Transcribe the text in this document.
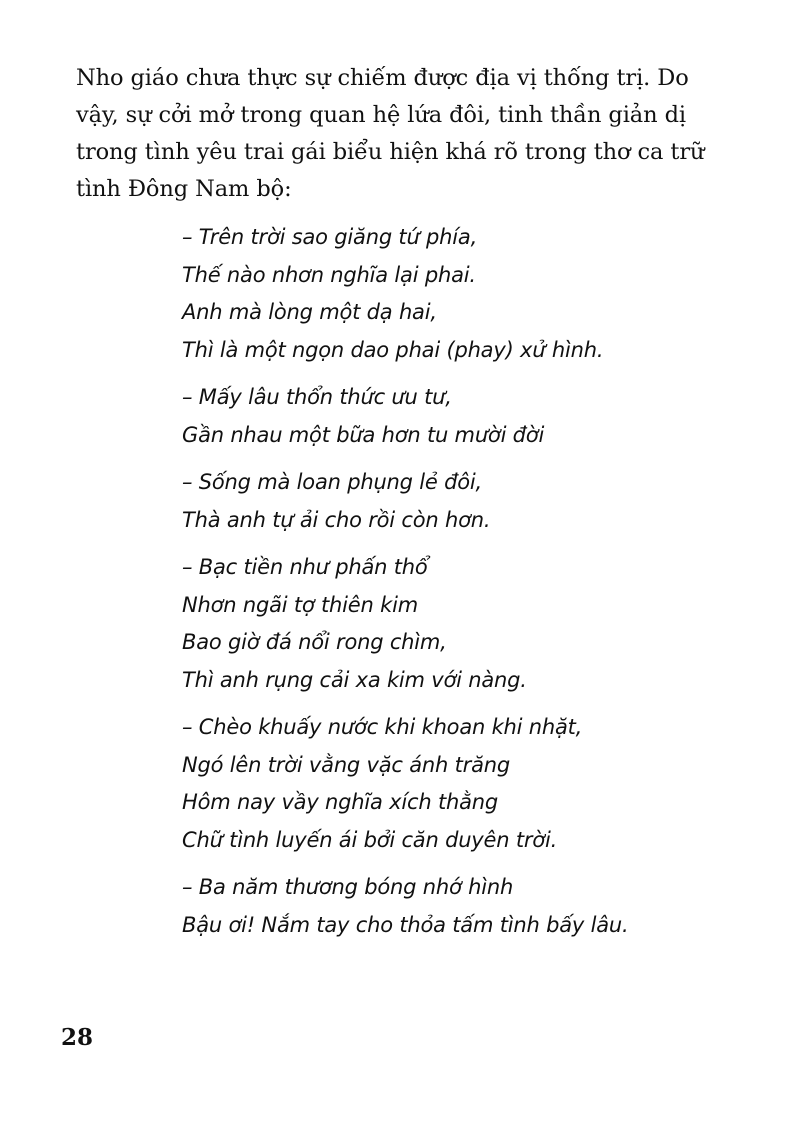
Nho giáo chưa thực sự chiếm được địa vị thống trị. Do
vậy, sự cởi mở trong quan hệ lứa đôi, tinh thần giản dị
trong tình yêu trai gái biểu hiện khá rõ trong thơ ca trữ
tình Đông Nam bộ:
– Trên trời sao giăng tứ phía,
Thế nào nhơn nghĩa lại phai.
Anh mà lòng một dạ hai,
Thì là một ngọn dao phai (phay) xử hình.
– Mấy lâu thổn thức ưu tư,
Gần nhau một bữa hơn tu mười đời
– Sống mà loan phụng lẻ đôi,
Thà anh tự ải cho rồi còn hơn.
– Bạc tiền như phấn thổ
Nhơn ngãi tợ thiên kim
Bao giờ đá nổi rong chìm,
Thì anh rụng cải xa kim với nàng.
– Chèo khuấy nước khi khoan khi nhặt,
Ngó lên trời vằng vặc ánh trăng
Hôm nay vầy nghĩa xích thằng
Chữ tình luyến ái bởi căn duyên trời.
– Ba năm thương bóng nhớ hình
Bậu ơi! Nắm tay cho thỏa tấm tình bấy lâu.
28
